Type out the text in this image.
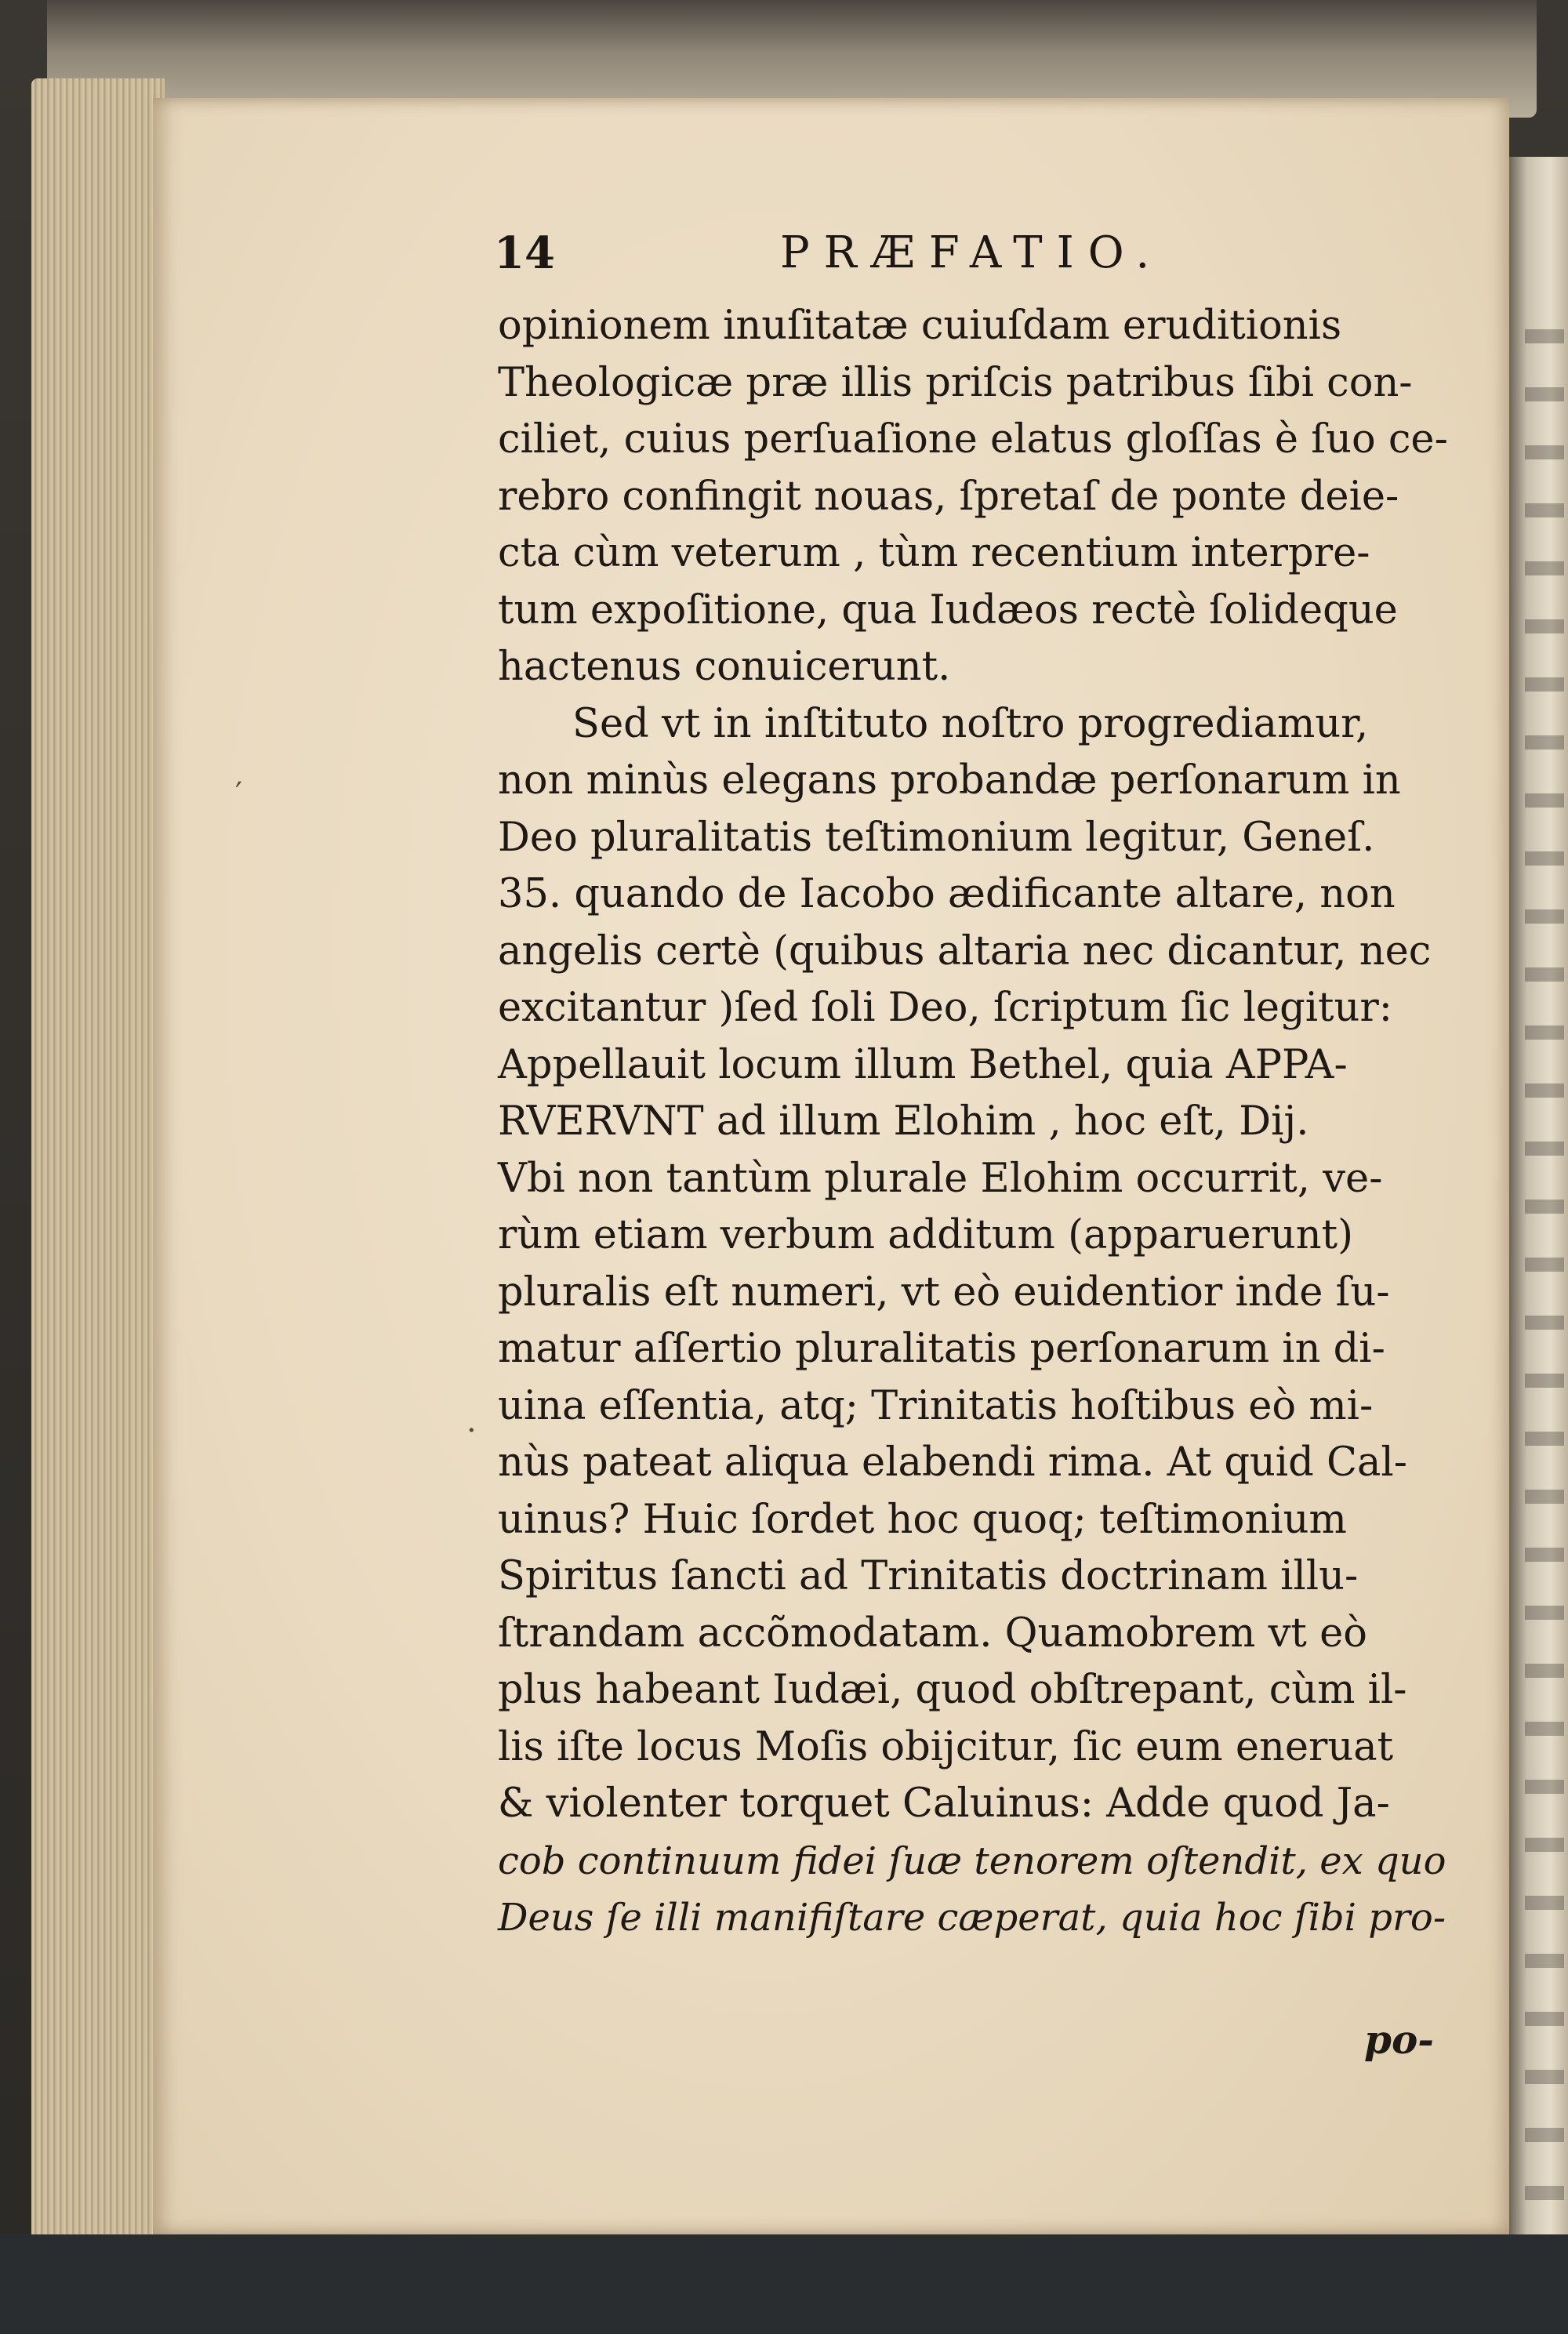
14	PRÆFATIO.
opinionem inuſitatæ cuiuſdam eruditionis
Theologicæ præ illis priſcis patribus ſibi con-
ciliet, cuius perſuaſione elatus gloſſas è ſuo ce-
rebro confingit nouas, ſpretaſ de ponte deie-
cta cùm veterum , tùm recentium interpre-
tum expoſitione, qua Iudæos rectè ſolideque
hactenus conuicerunt.
Sed vt in inſtituto noſtro progrediamur,
non minùs elegans probandæ perſonarum in
Deo pluralitatis teſtimonium legitur, Geneſ.
35. quando de Iacobo ædificante altare, non
angelis certè (quibus altaria nec dicantur, nec
excitantur )ſed ſoli Deo, ſcriptum ſic legitur:
Appellauit locum illum Bethel, quia APPA-
RVERVNT ad illum Elohim , hoc eſt, Dij.
Vbi non tantùm plurale Elohim occurrit, ve-
rùm etiam verbum additum (apparuerunt)
pluralis eſt numeri, vt eò euidentior inde ſu-
matur aſſertio pluralitatis perſonarum in di-
uina eſſentia, atq; Trinitatis hoſtibus eò mi-
nùs pateat aliqua elabendi rima. At quid Cal-
uinus? Huic ſordet hoc quoq; teſtimonium
Spiritus ſancti ad Trinitatis doctrinam illu-
ſtrandam accõmodatam. Quamobrem vt eò
plus habeant Iudæi, quod obſtrepant, cùm il-
lis iſte locus Moſis obijcitur, ſic eum eneruat
& violenter torquet Caluinus: Adde quod Ja-
cob continuum fidei ſuæ tenorem oſtendit, ex quo
Deus ſe illi manifiſtare cæperat, quia hoc ſibi pro-
po-
′
.
